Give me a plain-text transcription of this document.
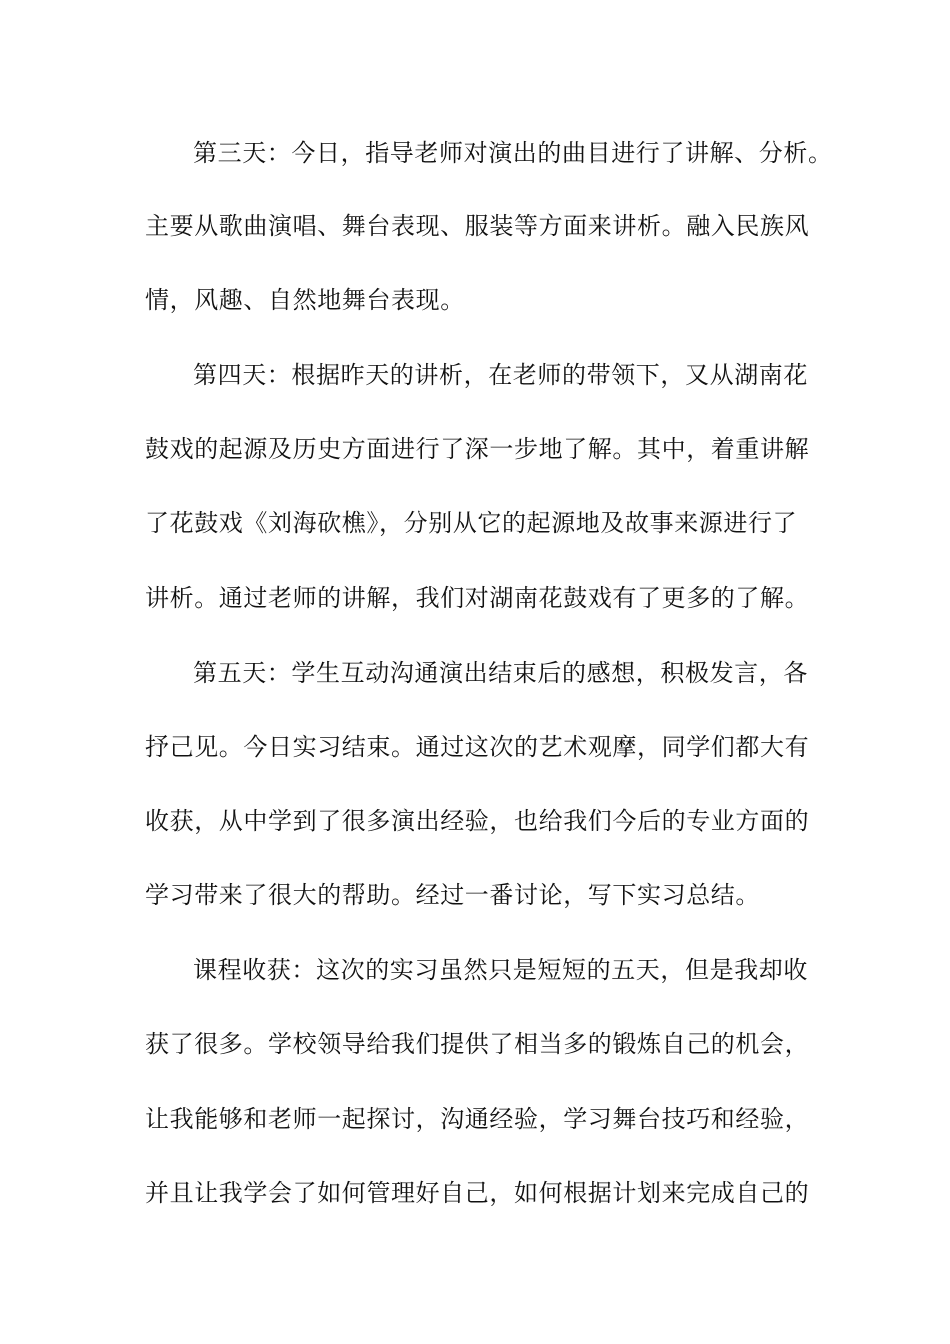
第三天：今日，指导老师对演出的曲目进行了讲解、分析。
主要从歌曲演唱、舞台表现、服装等方面来讲析。融入民族风
情，风趣、自然地舞台表现。
第四天：根据昨天的讲析，在老师的带领下，又从湖南花
鼓戏的起源及历史方面进行了深一步地了解。其中，着重讲解
了花鼓戏《刘海砍樵》，分别从它的起源地及故事来源进行了
讲析。通过老师的讲解，我们对湖南花鼓戏有了更多的了解。
第五天：学生互动沟通演出结束后的感想，积极发言，各
抒己见。今日实习结束。通过这次的艺术观摩，同学们都大有
收获，从中学到了很多演出经验，也给我们今后的专业方面的
学习带来了很大的帮助。经过一番讨论，写下实习总结。
课程收获：这次的实习虽然只是短短的五天，但是我却收
获了很多。学校领导给我们提供了相当多的锻炼自己的机会，
让我能够和老师一起探讨，沟通经验，学习舞台技巧和经验，
并且让我学会了如何管理好自己，如何根据计划来完成自己的
